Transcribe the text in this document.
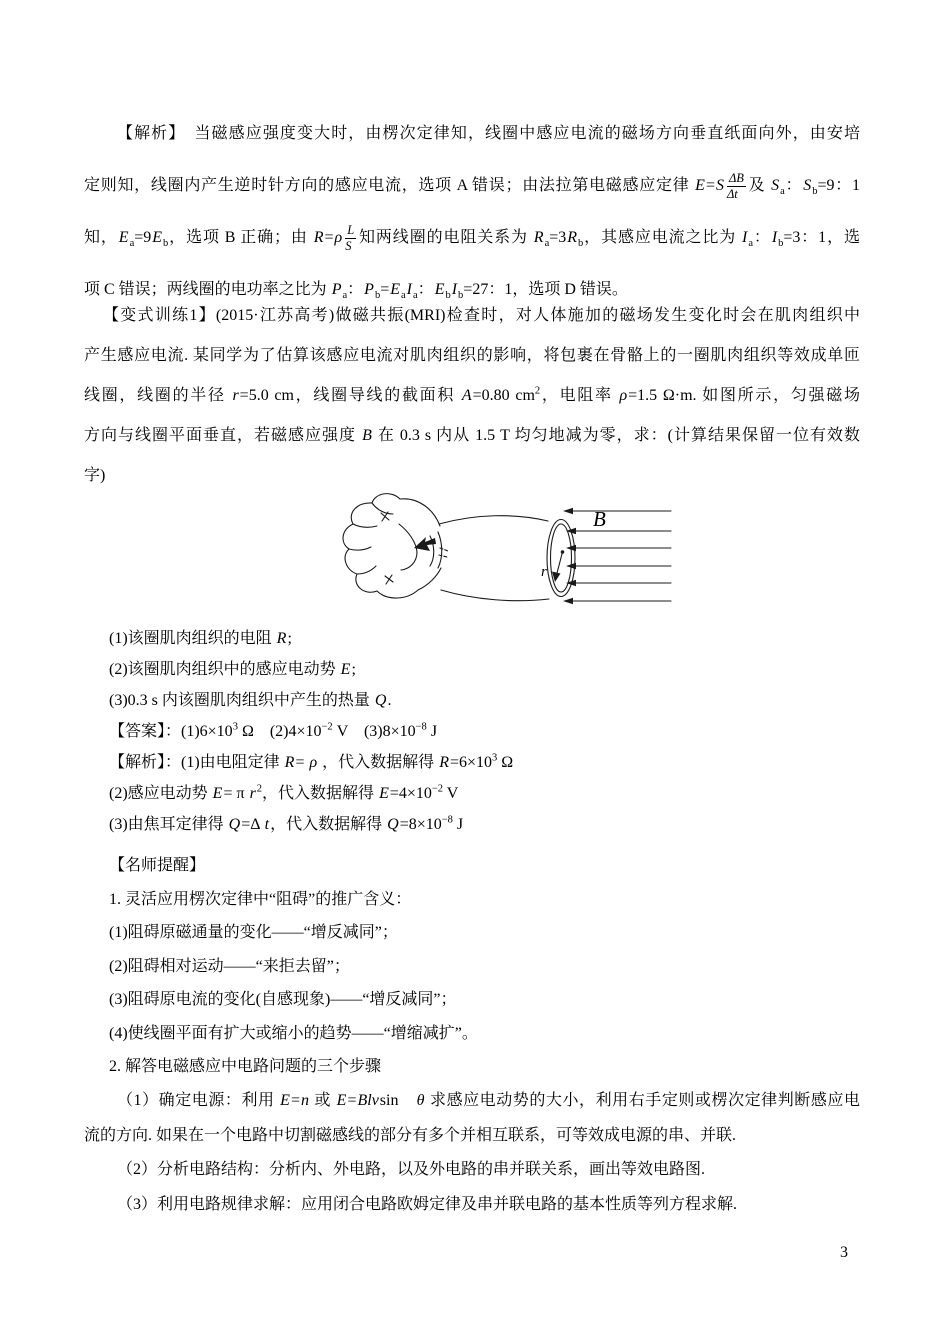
【解析】　当磁感应强度变大时，由楞次定律知，线圈中感应电流的磁场方向垂直纸面向外，由安培
定则知，线圈内产生逆时针方向的感应电流，选项 A 错误；由法拉第电磁感应定律 $E=S \frac{\Delta B}{\Delta t}$ 及 $S_a$：$S_b=9$：1
知，$E_a=9E_b$，选项 B 正确；由 $R=\rho \frac{L}{S}$ 知两线圈的电阻关系为 $R_a=3R_b$，其感应电流之比为 $I_a$：$I_b=3$：1，选
项 C 错误；两线圈的电功率之比为 $P_a$：$P_b=E_aI_a$：$E_bI_b=27$：1，选项 D 错误。
【变式训练1】(2015·江苏高考)做磁共振(MRI)检查时，对人体施加的磁场发生变化时会在肌肉组织中
产生感应电流. 某同学为了估算该感应电流对肌肉组织的影响，将包裹在骨骼上的一圈肌肉组织等效成单匝
线圈，线圈的半径 r=5.0 cm，线圈导线的截面积 A=0.80 $cm^2$，电阻率 ρ=1.5 Ω·m. 如图所示，匀强磁场
方向与线圈平面垂直，若磁感应强度 B 在 0.3 s 内从 1.5 T 均匀地减为零，求：(计算结果保留一位有效数
字)
B
r
(1)该圈肌肉组织的电阻 R;
(2)该圈肌肉组织中的感应电动势 E;
(3)0.3 s 内该圈肌肉组织中产生的热量 Q.
【答案】：$(1)6\times 10^3$ Ω　$(2)4\times 10^{-2}$ V　$(3)8\times 10^{-8}$ J
【解析】：(1)由电阻定律 R= ρ ，代入数据解得 $R=6\times 10^3$ Ω
(2)感应电动势 E= π $r^2$，代入数据解得 $E=4\times 10^{-2}$ V
(3)由焦耳定律得 Q=Δ t，代入数据解得 $Q=8\times 10^{-8}$ J
【名师提醒】
1. 灵活应用楞次定律中“阻碍”的推广含义：
(1)阻碍原磁通量的变化——“增反减同”；
(2)阻碍相对运动——“来拒去留”；
(3)阻碍原电流的变化(自感现象)——“增反减同”；
(4)使线圈平面有扩大或缩小的趋势——“增缩减扩”。
2. 解答电磁感应中电路问题的三个步骤
（1）确定电源：利用 E=n 或 E=Blvsin　θ 求感应电动势的大小，利用右手定则或楞次定律判断感应电
流的方向. 如果在一个电路中切割磁感线的部分有多个并相互联系，可等效成电源的串、并联.
（2）分析电路结构：分析内、外电路，以及外电路的串并联关系，画出等效电路图.
（3）利用电路规律求解：应用闭合电路欧姆定律及串并联电路的基本性质等列方程求解.
3
